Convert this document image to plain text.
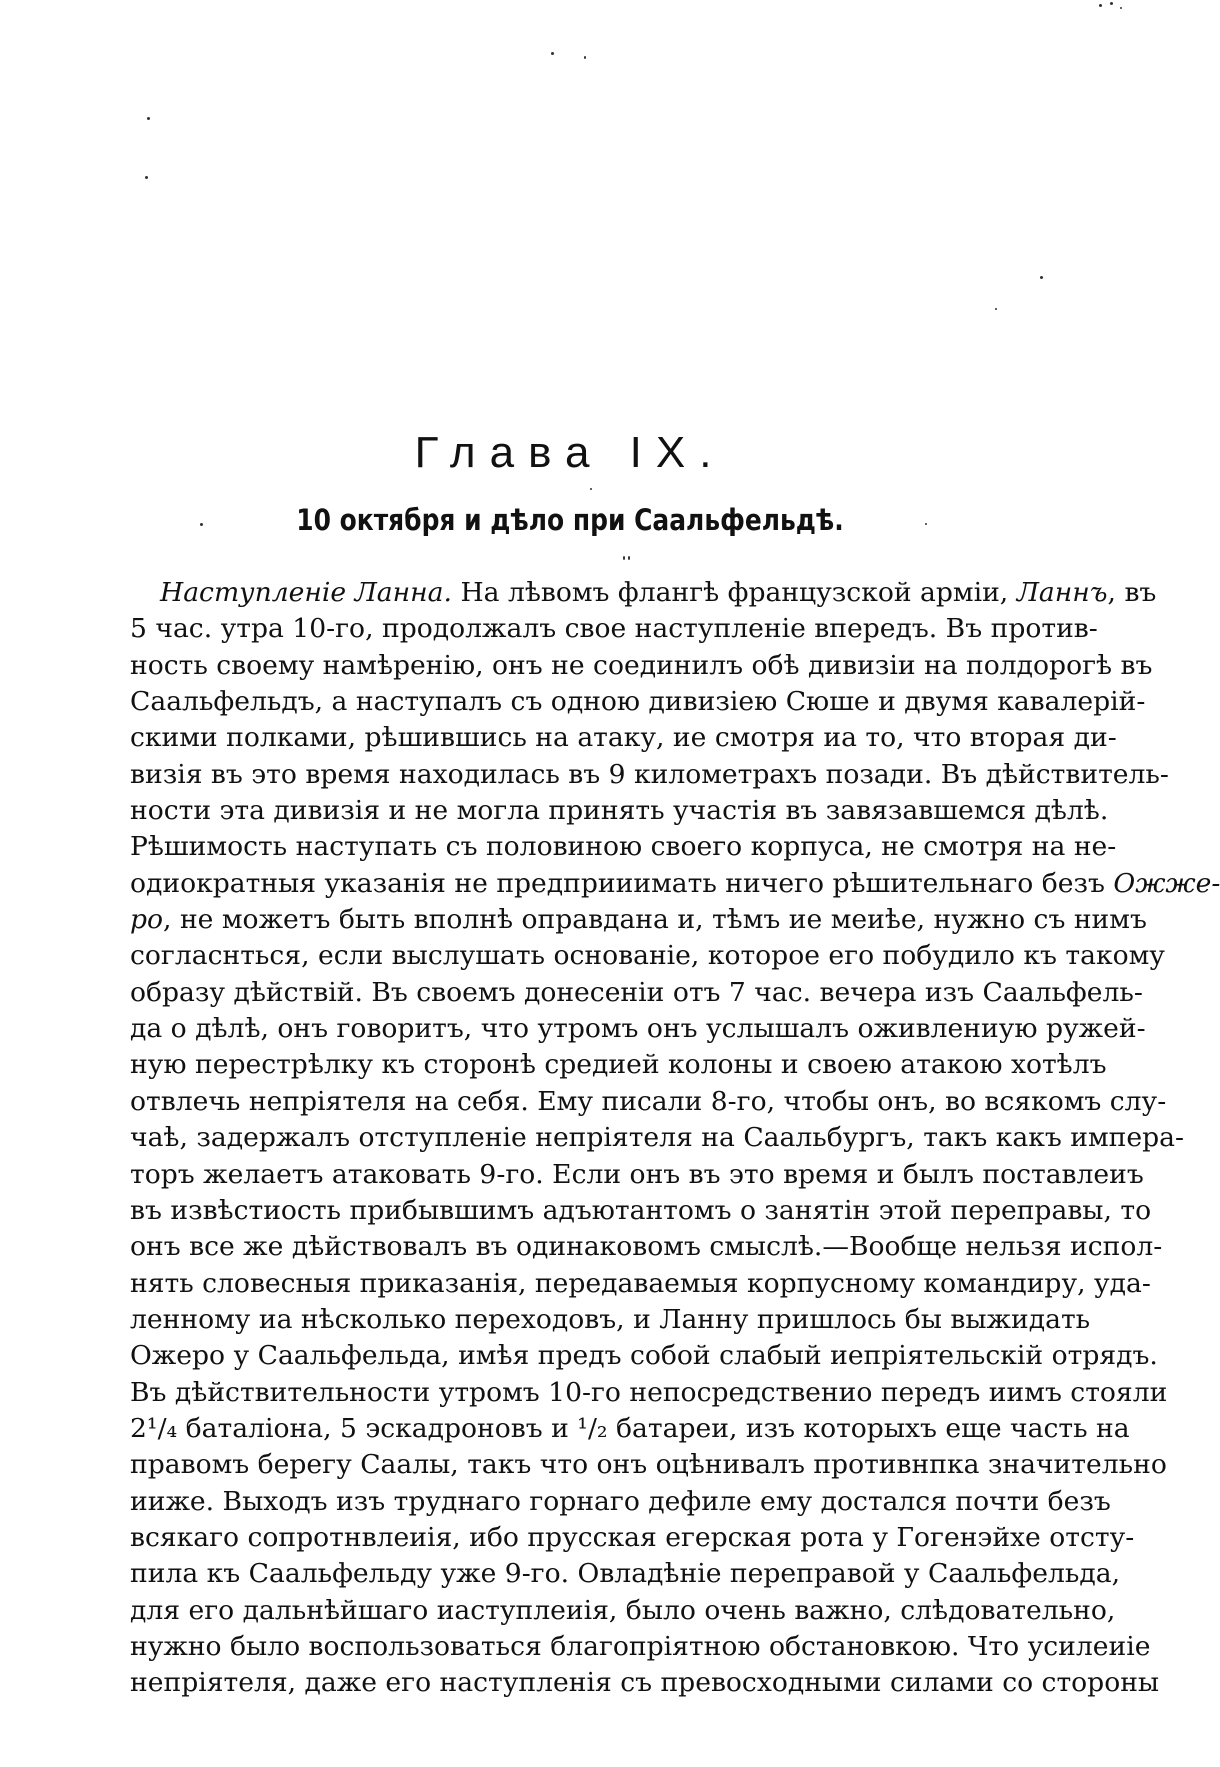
Глава IX.
10 октября и дѣло при Саальфельдѣ.
Наступленіе Ланна. На лѣвомъ флангѣ французской арміи, Ланнъ, въ
5 час. утра 10-го, продолжалъ свое наступленіе впередъ. Въ против-
ность своему намѣренію, онъ не соединилъ обѣ дивизіи на полдорогѣ въ
Саальфельдъ, а наступалъ съ одною дивизіею Сюше и двумя кавалерій-
скими полками, рѣшившись на атаку, ие смотря иа то, что вторая ди-
визія въ это время находилась въ 9 километрахъ позади. Въ дѣйствитель-
ности эта дивизія и не могла принять участія въ завязавшемся дѣлѣ.
Рѣшимость наступать съ половиною своего корпуса, не смотря на не-
одиократныя указанія не предприиимать ничего рѣшительнаго безъ Ожже-
ро, не можетъ быть вполнѣ оправдана и, тѣмъ ие меиѣе, нужно съ нимъ
согласнться, если выслушать основаніе, которое его побудило къ такому
образу дѣйствій. Въ своемъ донесеніи отъ 7 час. вечера изъ Саальфель-
да о дѣлѣ, онъ говоритъ, что утромъ онъ услышалъ оживлениую ружей-
ную перестрѣлку къ сторонѣ средией колоны и своею атакою хотѣлъ
отвлечь непріятеля на себя. Ему писали 8-го, чтобы онъ, во всякомъ слу-
чаѣ, задержалъ отступленіе непріятеля на Саальбургъ, такъ какъ импера-
торъ желаетъ атаковать 9-го. Если онъ въ это время и былъ поставлеиъ
въ извѣстиость прибывшимъ адъютантомъ о занятін этой переправы, то
онъ все же дѣйствовалъ въ одинаковомъ смыслѣ.—Вообще нельзя испол-
нять словесныя приказанія, передаваемыя корпусному командиру, уда-
ленному иа нѣсколько переходовъ, и Ланну пришлось бы выжидать
Ожеро у Саальфельда, имѣя предъ собой слабый иепріятельскій отрядъ.
Въ дѣйствительности утромъ 10-го непосредственио передъ иимъ стояли
2¹/₄ баталіона, 5 эскадроновъ и ¹/₂ батареи, изъ которыхъ еще часть на
правомъ берегу Саалы, такъ что онъ оцѣнивалъ противнпка значительно
иижe. Выходъ изъ труднаго горнаго дефиле ему достался почти безъ
всякаго сопротнвлеиія, ибо прусская егерская рота у Гогенэйхе отсту-
пила къ Саальфельду уже 9-го. Овладѣніе переправой у Саальфельда,
для его дальнѣйшаго иаступлеиія, было очень важно, слѣдовательно,
нужно было воспользоваться благопріятною обстановкою. Что усилеиіе
непріятеля, даже его наступленія съ превосходными силами со стороны
